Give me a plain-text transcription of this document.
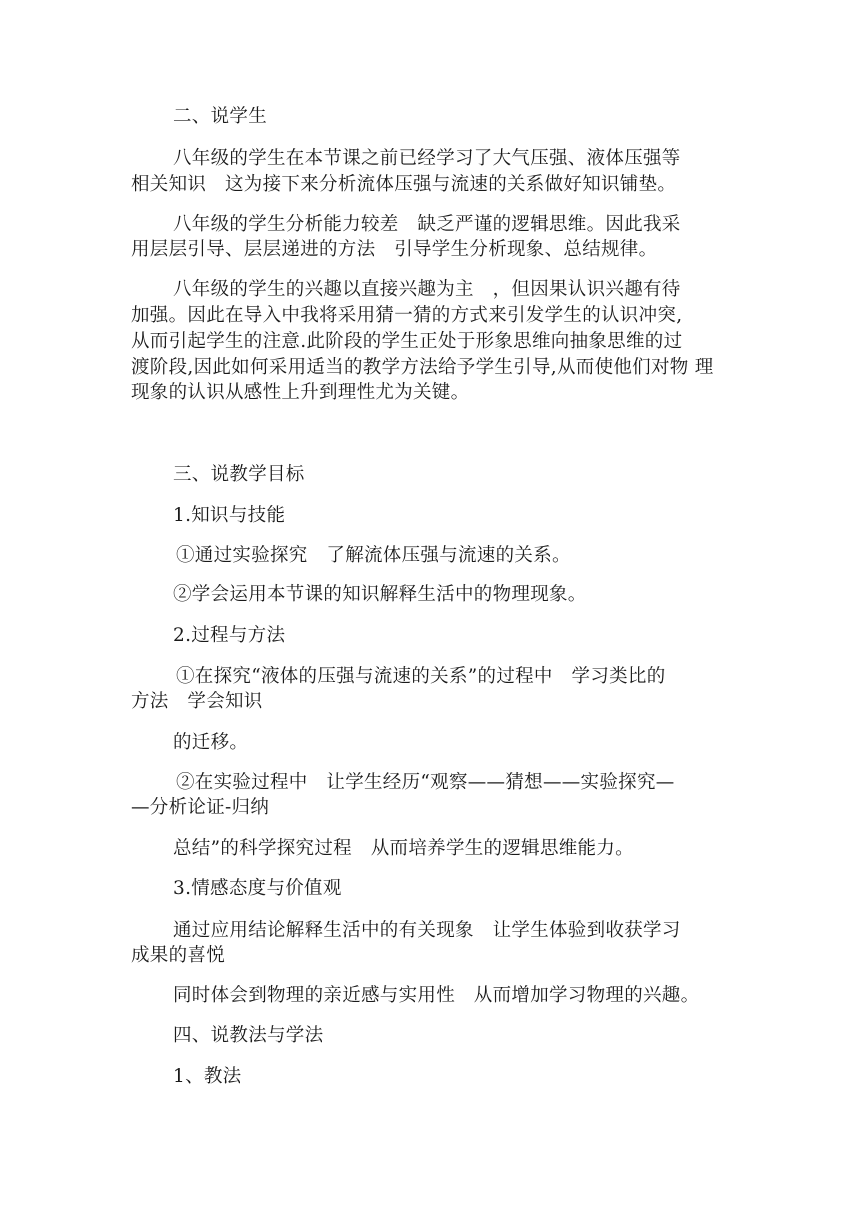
二、说学生
八年级的学生在本节课之前已经学习了大气压强、液体压强等
相关知识　这为接下来分析流体压强与流速的关系做好知识铺垫。
八年级的学生分析能力较差　缺乏严谨的逻辑思维。因此我采
用层层引导、层层递进的方法　引导学生分析现象、总结规律。
八年级的学生的兴趣以直接兴趣为主　，但因果认识兴趣有待
加强。因此在导入中我将采用猜一猜的方式来引发学生的认识冲突,
从而引起学生的注意.此阶段的学生正处于形象思维向抽象思维的过
渡阶段,因此如何采用适当的教学方法给予学生引导,从而使他们对物 理
现象的认识从感性上升到理性尤为关键。
三、说教学目标
1.知识与技能
①通过实验探究　了解流体压强与流速的关系。
②学会运用本节课的知识解释生活中的物理现象。
2.过程与方法
①在探究“液体的压强与流速的关系”的过程中　学习类比的
方法　学会知识
的迁移。
②在实验过程中　让学生经历“观察——猜想——实验探究—
—分析论证-归纳
总结”的科学探究过程　从而培养学生的逻辑思维能力。
3.情感态度与价值观
通过应用结论解释生活中的有关现象　让学生体验到收获学习
成果的喜悦
同时体会到物理的亲近感与实用性　从而增加学习物理的兴趣。
四、说教法与学法
1、教法
